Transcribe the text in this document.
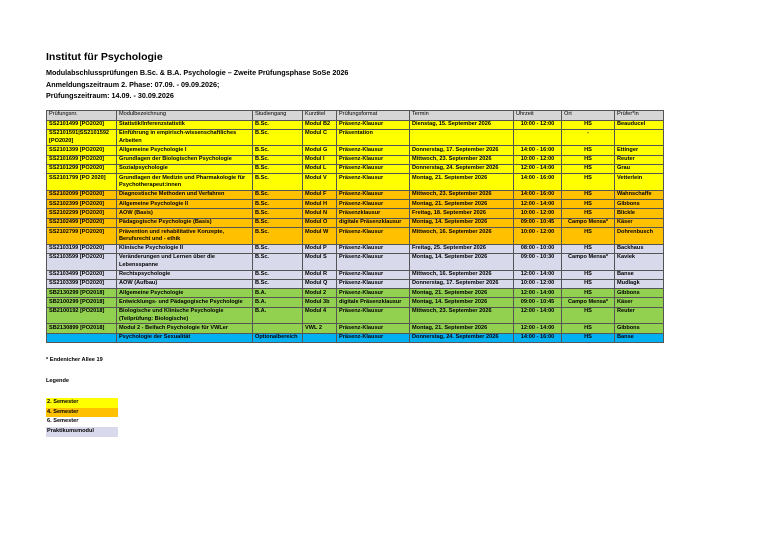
Institut für Psychologie
Modulabschlussprüfungen B.Sc. & B.A. Psychologie – Zweite Prüfungsphase SoSe 2026
Anmeldungszeitraum 2. Phase: 07.09. - 09.09.2026;
Prüfungszeitraum: 14.09. - 30.09.2026
Prüfungsnr.	Modulbezeichnung	Studiengang	Kurztitel	Prüfungsformat	Termin	Uhrzeit	Ort	Prüfer*in
SS2101499 [PO2020]	Statistik/Inferenzstatistik	B.Sc.	Modul B2	Präsenz-Klausur	Dienstag, 15. September 2026	10:00 - 12:00	HS	Beauducel
SS2101591|SS2101592 [PO2020]	Einführung in empirisch-wissenschaftliches Arbeiten	B.Sc.	Modul C	Präsentation			-	
SS2101399 [PO2020]	Allgemeine Psychologie I	B.Sc.	Modul G	Präsenz-Klausur	Donnerstag, 17. September 2026	14:00 - 16:00	HS	Ettinger
SS2101699 [PO2020]	Grundlagen der Biologischen Psychologie	B.Sc.	Modul I	Präsenz-Klausur	Mittwoch, 23. September 2026	10:00 - 12:00	HS	Reuter
SS2101299 [PO2020]	Sozialpsychologie	B.Sc.	Modul L	Präsenz-Klausur	Donnerstag, 24. September 2026	12:00 - 14:00	HS	Grau
SS2101799 [PO 2020]	Grundlagen der Medizin und Pharmakologie für Psychotherapeut:innen	B.Sc.	Modul V	Präsenz-Klausur	Montag, 21. September 2026	14:00 - 16:00	HS	Vetterlein
SS2102099 [PO2020]	Diagnostische Methoden und Verfahren	B.Sc.	Modul F	Präsenz-Klausur	Mittwoch, 23. September 2026	14:00 - 16:00	HS	Wahnschaffe
SS2102399 [PO2020]	Allgemeine Psychologie II	B.Sc.	Modul H	Präsenz-Klausur	Montag, 21. September 2026	12:00 - 14:00	HS	Gibbons
SS2102299 [PO2020]	AOW (Basis)	B.Sc.	Modul N	Präsenzklausur	Freitag, 18. September 2026	10:00 - 12:00	HS	Blickle
SS2102499 [PO2020]	Pädagogische Psychologie (Basis)	B.Sc.	Modul O	digitale Präsenzklausur	Montag, 14. September 2026	09:00 - 10:45	Campo Mensa*	Käser
SS2102799 [PO2020]	Prävention und rehabilitative Konzepte, Berufsrecht und - ethik	B.Sc.	Modul W	Präsenz-Klausur	Mittwoch, 16. September 2026	10:00 - 12:00	HS	Dohrenbusch
SS2103199 [PO2020]	Klinische Psychologie II	B.Sc.	Modul P	Präsenz-Klausur	Freitag, 25. September 2026	08:00 - 10:00	HS	Backhaus
SS2103599 [PO2020]	Veränderungen und Lernen über die Lebensspanne	B.Sc.	Modul S	Präsenz-Klausur	Montag, 14. September 2026	09:00 - 10:30	Campo Mensa*	Kaviek
SS2103499 [PO2020]	Rechtspsychologie	B.Sc.	Modul R	Präsenz-Klausur	Mittwoch, 16. September 2026	12:00 - 14:00	HS	Banse
SS2103399 [PO2020]	AOW (Aufbau)	B.Sc.	Modul Q	Präsenz-Klausur	Donnerstag, 17. September 2026	10:00 - 12:00	HS	Mudlagk
SB2130299 [PO2018]	Allgemeine Psychologie	B.A.	Modul 2	Präsenz-Klausur	Montag, 21. September 2026	12:00 - 14:00	HS	Gibbons
SB2100299 [PO2018]	Entwicklungs- und Pädagogische Psychologie	B.A.	Modul 3b	digitale Präsenzklausur	Montag, 14. September 2026	09:00 - 10:45	Campo Mensa*	Käser
SB2100192 [PO2018]	Biologische und Klinische Psychologie (Teilprüfung: Biologische)	B.A.	Modul 4	Präsenz-Klausur	Mittwoch, 23. September 2026	12:00 - 14:00	HS	Reuter
SB2130899 [PO2018]	Modul 2 - Beifach Psychologie für VWLer		VWL 2	Präsenz-Klausur	Montag, 21. September 2026	12:00 - 14:00	HS	Gibbons
	Psychologie der Sexualität	Optionalbereich		Präsenz-Klausur	Donnerstag, 24. September 2026	14:00 - 16:00	HS	Banse
* Endenicher Allee 19
Legende
2. Semester
4. Semester
6. Semester
Praktikumsmodul
